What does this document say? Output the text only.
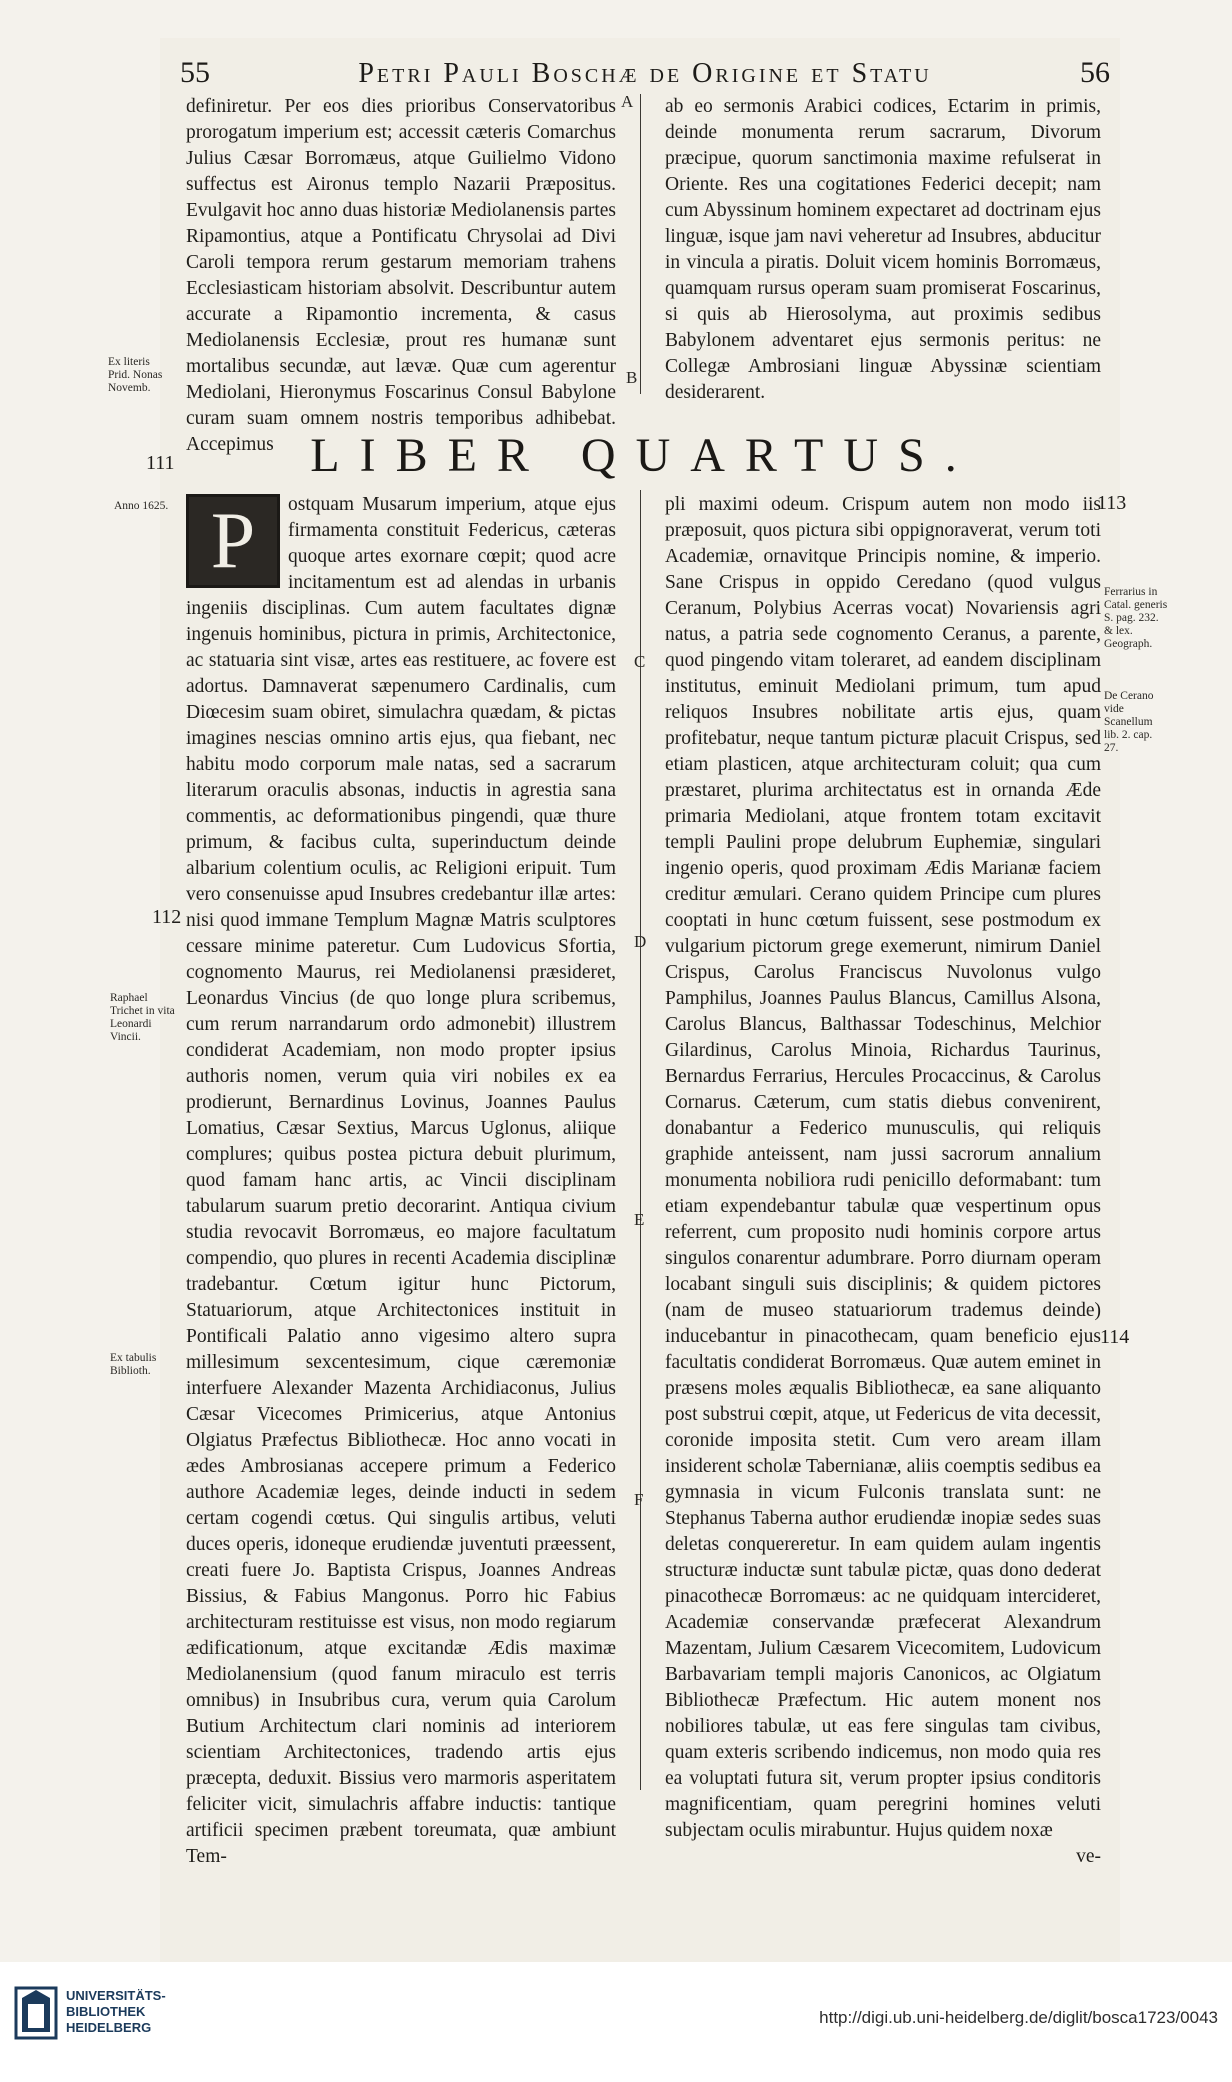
55	Petri Pauli Boschæ de Origine et Statu	56

definiretur. Per eos dies prioribus Conservatoribus prorogatum imperium est; accessit cæteris Comarchus Julius Cæsar Borromæus, atque Guilielmo Vidono suffectus est Aironus templo Nazarii Præpositus. Evulgavit hoc anno duas historiæ Mediolanensis partes Ripamontius, atque a Pontificatu Chrysolai ad Divi Caroli tempora rerum gestarum memoriam trahens Ecclesiasticam historiam absolvit. Describuntur autem accurate a Ripamontio incrementa, & casus Mediolanensis Ecclesiæ, prout res humanæ sunt mortalibus secundæ, aut lævæ. Quæ cum agerentur Mediolani, Hieronymus Foscarinus Consul Babylone curam suam omnem nostris temporibus adhibebat. Accepimus

ab eo sermonis Arabici codices, Ectarim in primis, deinde monumenta rerum sacrarum, Divorum præcipue, quorum sanctimonia maxime refulserat in Oriente. Res una cogitationes Federici decepit; nam cum Abyssinum hominem expectaret ad doctrinam ejus linguæ, isque jam navi veheretur ad Insubres, abducitur in vincula a piratis. Doluit vicem hominis Borromæus, quamquam rursus operam suam promiserat Foscarinus, si quis ab Hierosolyma, aut proximis sedibus Babylonem adventaret ejus sermonis peritus: ne Collegæ Ambrosiani linguæ Abyssinæ scientiam desiderarent.

A
B
C
D
E
F
Ex literis Prid. Nonas Novemb.
LIBER QUARTUS.
111
112
113
114
Anno 1625.
Raphael Trichet in vita Leonardi Vincii.
Ex tabulis Biblioth.
Ferrarius in Catal. generis S. pag. 232. & lex. Geograph.
De Cerano vide Scanellum lib. 2. cap. 27.
P	ostquam Musarum imperium, atque ejus firmamenta constituit Federicus, cæteras quoque artes exornare cœpit; quod acre incitamentum est ad alendas in urbanis ingeniis disciplinas. Cum autem facultates dignæ ingenuis hominibus, pictura in primis, Architectonice, ac statuaria sint visæ, artes eas restituere, ac fovere est adortus. Damnaverat sæpenumero Cardinalis, cum Diœcesim suam obiret, simulachra quædam, & pictas imagines nescias omnino artis ejus, qua fiebant, nec habitu modo corporum male natas, sed a sacrarum literarum oraculis absonas, inductis in agrestia sana commentis, ac deformationibus pingendi, quæ thure primum, & facibus culta, superinductum deinde albarium colentium oculis, ac Religioni eripuit. Tum vero consenuisse apud Insubres credebantur illæ artes: nisi quod immane Templum Magnæ Matris sculptores cessare minime pateretur. Cum Ludovicus Sfortia, cognomento Maurus, rei Mediolanensi præsideret, Leonardus Vincius (de quo longe plura scribemus, cum rerum narrandarum ordo admonebit) illustrem condiderat Academiam, non modo propter ipsius authoris nomen, verum quia viri nobiles ex ea prodierunt, Bernardinus Lovinus, Joannes Paulus Lomatius, Cæsar Sextius, Marcus Uglonus, aliique complures; quibus postea pictura debuit plurimum, quod famam hanc artis, ac Vincii disciplinam tabularum suarum pretio decorarint. Antiqua civium studia revocavit Borromæus, eo majore facultatum compendio, quo plures in recenti Academia disciplinæ tradebantur. Cœtum igitur hunc Pictorum, Statuariorum, atque Architectonices instituit in Pontificali Palatio anno vigesimo altero supra millesimum sexcentesimum, cique cæremoniæ interfuere Alexander Mazenta Archidiaconus, Julius Cæsar Vicecomes Primicerius, atque Antonius Olgiatus Præfectus Bibliothecæ. Hoc anno vocati in ædes Ambrosianas accepere primum a Federico authore Academiæ leges, deinde inducti in sedem certam cogendi cœtus. Qui singulis artibus, veluti duces operis, idoneque erudiendæ juventuti præessent, creati fuere Jo. Baptista Crispus, Joannes Andreas Bissius, & Fabius Mangonus. Porro hic Fabius architecturam restituisse est visus, non modo regiarum ædificationum, atque excitandæ Ædis maximæ Mediolanensium (quod fanum miraculo est terris omnibus) in Insubribus cura, verum quia Carolum Butium Architectum clari nominis ad interiorem scientiam Architectonices, tradendo artis ejus præcepta, deduxit. Bissius vero marmoris asperitatem feliciter vicit, simulachris affabre inductis: tantique artificii specimen præbent toreumata, quæ ambiunt Tem-

pli maximi odeum. Crispum autem non modo iis præposuit, quos pictura sibi oppignoraverat, verum toti Academiæ, ornavitque Principis nomine, & imperio. Sane Crispus in oppido Ceredano (quod vulgus Ceranum, Polybius Acerras vocat) Novariensis agri natus, a patria sede cognomento Ceranus, a parente, quod pingendo vitam toleraret, ad eandem disciplinam institutus, eminuit Mediolani primum, tum apud reliquos Insubres nobilitate artis ejus, quam profitebatur, neque tantum picturæ placuit Crispus, sed etiam plasticen, atque architecturam coluit; qua cum præstaret, plurima architectatus est in ornanda Æde primaria Mediolani, atque frontem totam excitavit templi Paulini prope delubrum Euphemiæ, singulari ingenio operis, quod proximam Ædis Marianæ faciem creditur æmulari. Cerano quidem Principe cum plures cooptati in hunc cœtum fuissent, sese postmodum ex vulgarium pictorum grege exemerunt, nimirum Daniel Crispus, Carolus Franciscus Nuvolonus vulgo Pamphilus, Joannes Paulus Blancus, Camillus Alsona, Carolus Blancus, Balthassar Todeschinus, Melchior Gilardinus, Carolus Minoia, Richardus Taurinus, Bernardus Ferrarius, Hercules Procaccinus, & Carolus Cornarus. Cæterum, cum statis diebus convenirent, donabantur a Federico munusculis, qui reliquis graphide anteissent, nam jussi sacrorum annalium monumenta nobiliora rudi penicillo deformabant: tum etiam expendebantur tabulæ quæ vespertinum opus referrent, cum proposito nudi hominis corpore artus singulos conarentur adumbrare. Porro diurnam operam locabant singuli suis disciplinis; & quidem pictores (nam de museo statuariorum trademus deinde) inducebantur in pinacothecam, quam beneficio ejus facultatis condiderat Borromæus. Quæ autem eminet in præsens moles æqualis Bibliothecæ, ea sane aliquanto post substrui cœpit, atque, ut Federicus de vita decessit, coronide imposita stetit. Cum vero aream illam insiderent scholæ Tabernianæ, aliis coemptis sedibus ea gymnasia in vicum Fulconis translata sunt: ne Stephanus Taberna author erudiendæ inopiæ sedes suas deletas conquereretur. In eam quidem aulam ingentis structuræ inductæ sunt tabulæ pictæ, quas dono dederat pinacothecæ Borromæus: ac ne quidquam intercideret, Academiæ conservandæ præfecerat Alexandrum Mazentam, Julium Cæsarem Vicecomitem, Ludovicum Barbavariam templi majoris Canonicos, ac Olgiatum Bibliothecæ Præfectum. Hic autem monent nos nobiliores tabulæ, ut eas fere singulas tam civibus, quam exteris scribendo indicemus, non modo quia res ea voluptati futura sit, verum propter ipsius conditoris magnificentiam, quam peregrini homines veluti subjectam oculis mirabuntur. Hujus quidem noxæ

ve-
UNIVERSITÄTS-
BIBLIOTHEK
HEIDELBERG
http://digi.ub.uni-heidelberg.de/diglit/bosca1723/0043
